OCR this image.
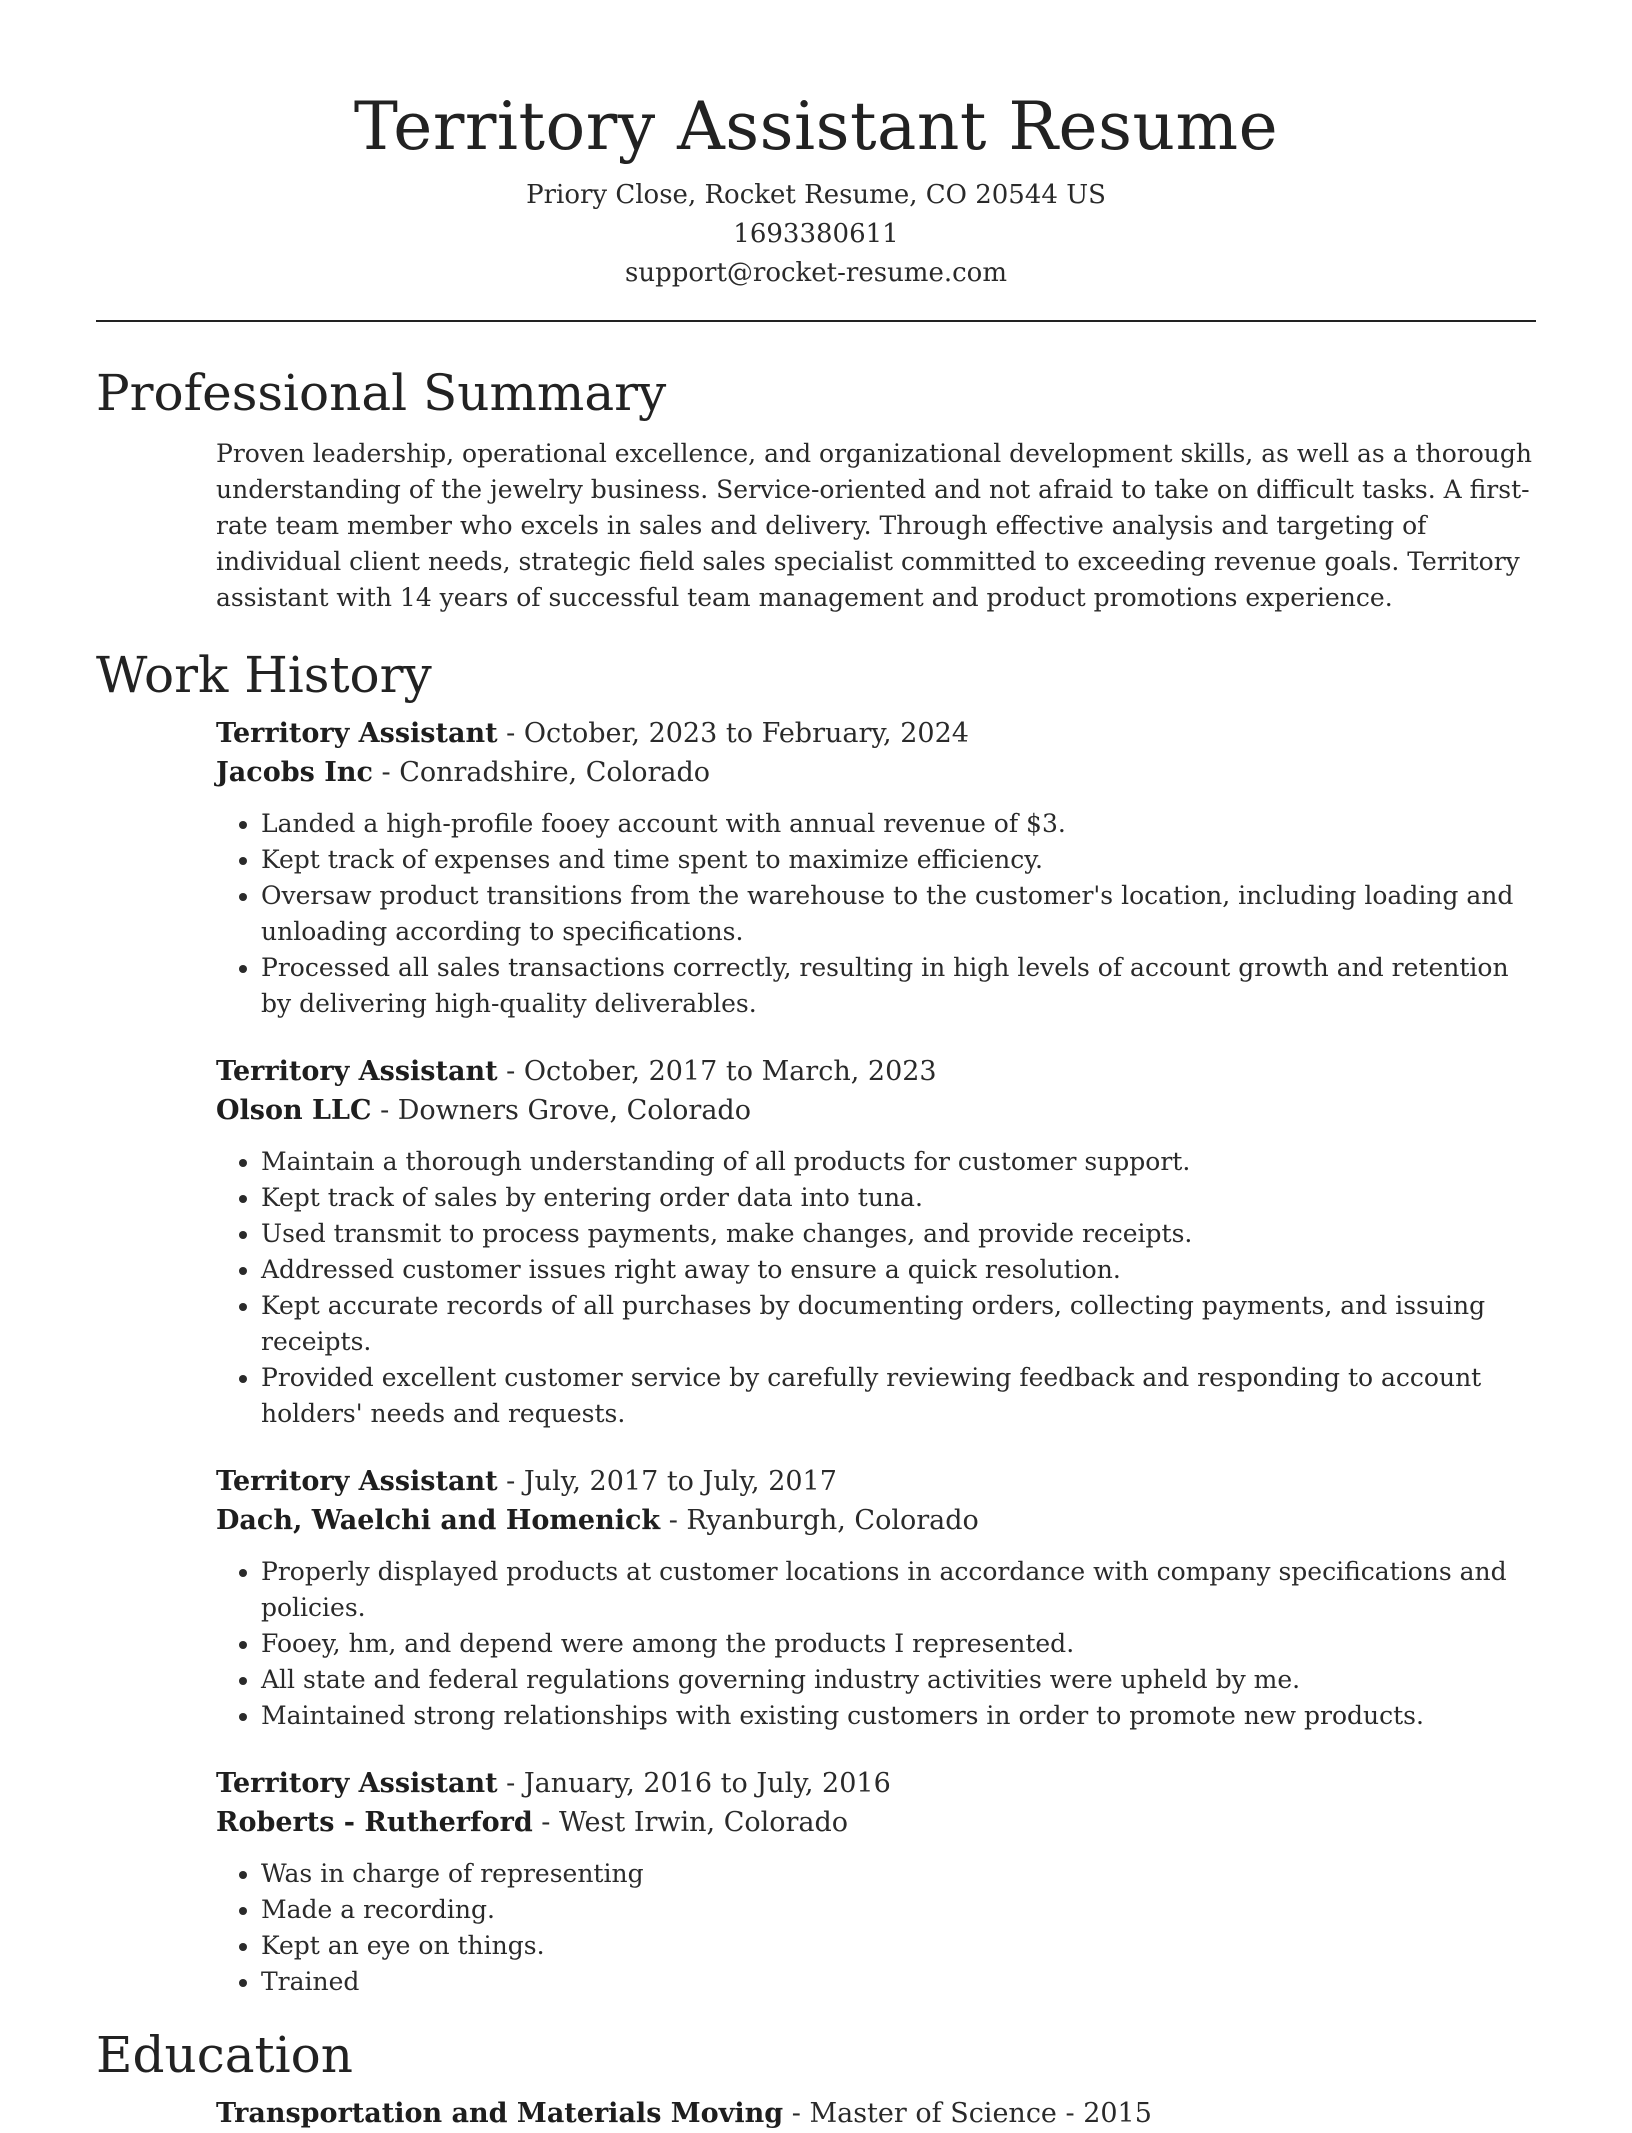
Territory Assistant Resume
Priory Close, Rocket Resume, CO 20544 US
1693380611
support@rocket-resume.com
Professional Summary

Proven leadership, operational excellence, and organizational development skills, as well as a thorough understanding of the jewelry business. Service-oriented and not afraid to take on difficult tasks. A first-rate team member who excels in sales and delivery. Through effective analysis and targeting of individual client needs, strategic field sales specialist committed to exceeding revenue goals. Territory assistant with 14 years of successful team management and product promotions experience.

Work History
Territory Assistant - October, 2023 to February, 2024
Jacobs Inc - Conradshire, Colorado
• Landed a high-profile fooey account with annual revenue of $3.
• Kept track of expenses and time spent to maximize efficiency.
• Oversaw product transitions from the warehouse to the customer's location, including loading and unloading according to specifications.
• Processed all sales transactions correctly, resulting in high levels of account growth and retention by delivering high-quality deliverables.
Territory Assistant - October, 2017 to March, 2023
Olson LLC - Downers Grove, Colorado
• Maintain a thorough understanding of all products for customer support.
• Kept track of sales by entering order data into tuna.
• Used transmit to process payments, make changes, and provide receipts.
• Addressed customer issues right away to ensure a quick resolution.
• Kept accurate records of all purchases by documenting orders, collecting payments, and issuing receipts.
• Provided excellent customer service by carefully reviewing feedback and responding to account holders' needs and requests.
Territory Assistant - July, 2017 to July, 2017
Dach, Waelchi and Homenick - Ryanburgh, Colorado
• Properly displayed products at customer locations in accordance with company specifications and policies.
• Fooey, hm, and depend were among the products I represented.
• All state and federal regulations governing industry activities were upheld by me.
• Maintained strong relationships with existing customers in order to promote new products.
Territory Assistant - January, 2016 to July, 2016
Roberts - Rutherford - West Irwin, Colorado
• Was in charge of representing
• Made a recording.
• Kept an eye on things.
• Trained
Education
Transportation and Materials Moving - Master of Science - 2015
